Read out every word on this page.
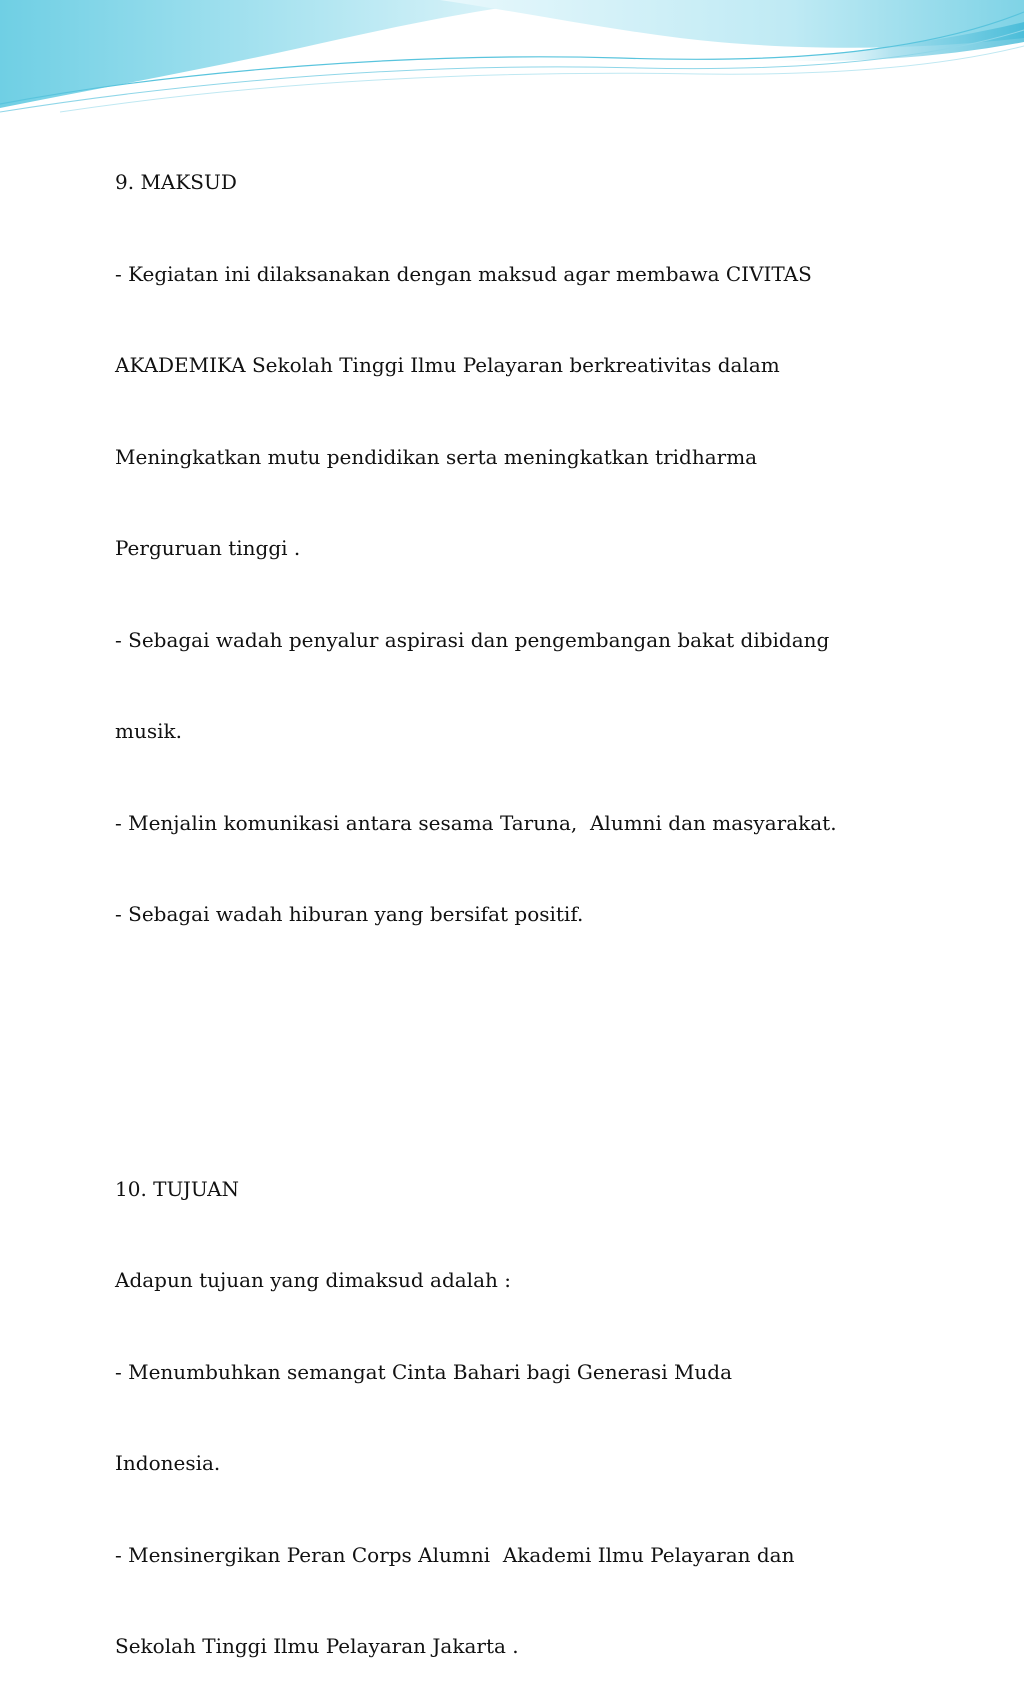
9. MAKSUD

- Kegiatan ini dilaksanakan dengan maksud agar membawa CIVITAS

AKADEMIKA Sekolah Tinggi Ilmu Pelayaran berkreativitas dalam

Meningkatkan mutu pendidikan serta meningkatkan tridharma

Perguruan tinggi .

- Sebagai wadah penyalur aspirasi dan pengembangan bakat dibidang

musik.

- Menjalin komunikasi antara sesama Taruna,  Alumni dan masyarakat.

- Sebagai wadah hiburan yang bersifat positif.

10. TUJUAN

Adapun tujuan yang dimaksud adalah :

- Menumbuhkan semangat Cinta Bahari bagi Generasi Muda

Indonesia.

- Mensinergikan Peran Corps Alumni  Akademi Ilmu Pelayaran dan

Sekolah Tinggi Ilmu Pelayaran Jakarta .
